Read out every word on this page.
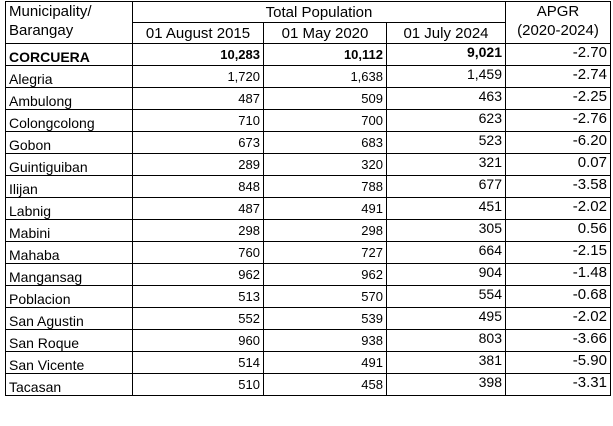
Municipality/
Barangay	Total Population			APGR
(2020-2024)
	01 August 2015	01 May 2020	01 July 2024	
CORCUERA	10,283	10,112	9,021	-2.70
Alegria	1,720	1,638	1,459	-2.74
Ambulong	487	509	463	-2.25
Colongcolong	710	700	623	-2.76
Gobon	673	683	523	-6.20
Guintiguiban	289	320	321	0.07
Ilijan	848	788	677	-3.58
Labnig	487	491	451	-2.02
Mabini	298	298	305	0.56
Mahaba	760	727	664	-2.15
Mangansag	962	962	904	-1.48
Poblacion	513	570	554	-0.68
San Agustin	552	539	495	-2.02
San Roque	960	938	803	-3.66
San Vicente	514	491	381	-5.90
Tacasan	510	458	398	-3.31
